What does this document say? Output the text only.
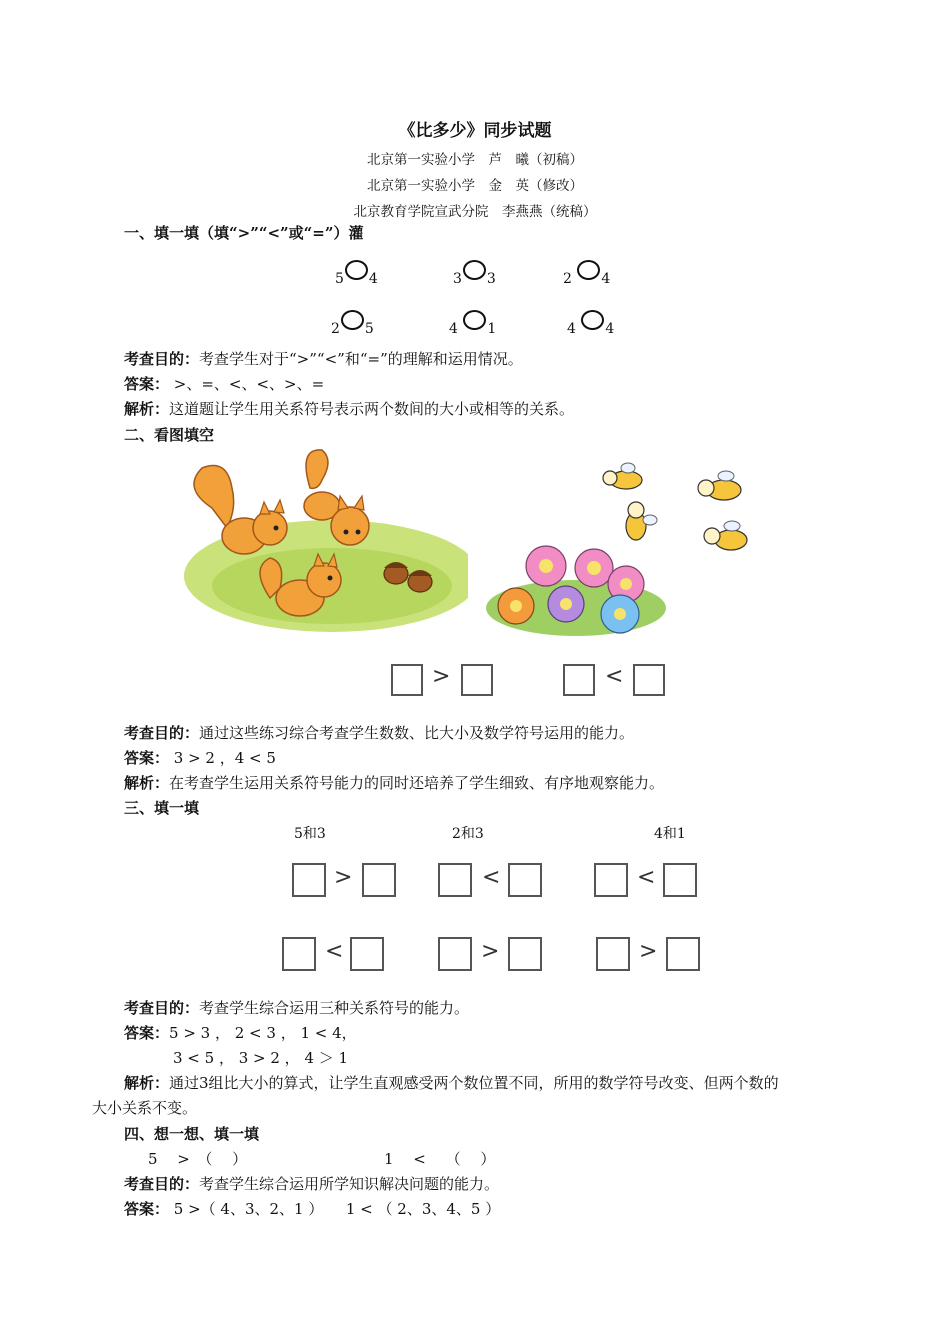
《比多少》同步试题
北京第一实验小学　芦　曦（初稿）
北京第一实验小学　金　英（修改）
北京教育学院宣武分院　李燕燕（统稿）
一、填一填（填“>”“<”或“=”）灌
5 4	3 3	2 4
2 5	4 1	4 4
考查目的：考查学生对于“>”“<”和“=”的理解和运用情况。
答案： >、=、<、<、>、=
解析：这道题让学生用关系符号表示两个数间的大小或相等的关系。
二、看图填空
>	<
考查目的：通过这些练习综合考查学生数数、比大小及数学符号运用的能力。
答案： 3 > 2 ，4 < 5
解析：在考查学生运用关系符号能力的同时还培养了学生细致、有序地观察能力。
三、填一填
5和3	2和3	4和1
>	<	<
<	>	>
考查目的：考查学生综合运用三种关系符号的能力。
答案：5 > 3 ， 2 < 3 ， 1 < 4，
3 < 5 ， 3 > 2 ， 4 ＞ 1
解析：通过3组比大小的算式，让学生直观感受两个数位置不同，所用的数学符号改变、但两个数的
大小关系不变。
四、想一想、填一填
5　 >　（　 ）	1　 <　 （　 ）
考查目的：考查学生综合运用所学知识解决问题的能力。
答案： 5 >（ 4、3、2、1 ）　　1 < （ 2、3、4、5 ）
